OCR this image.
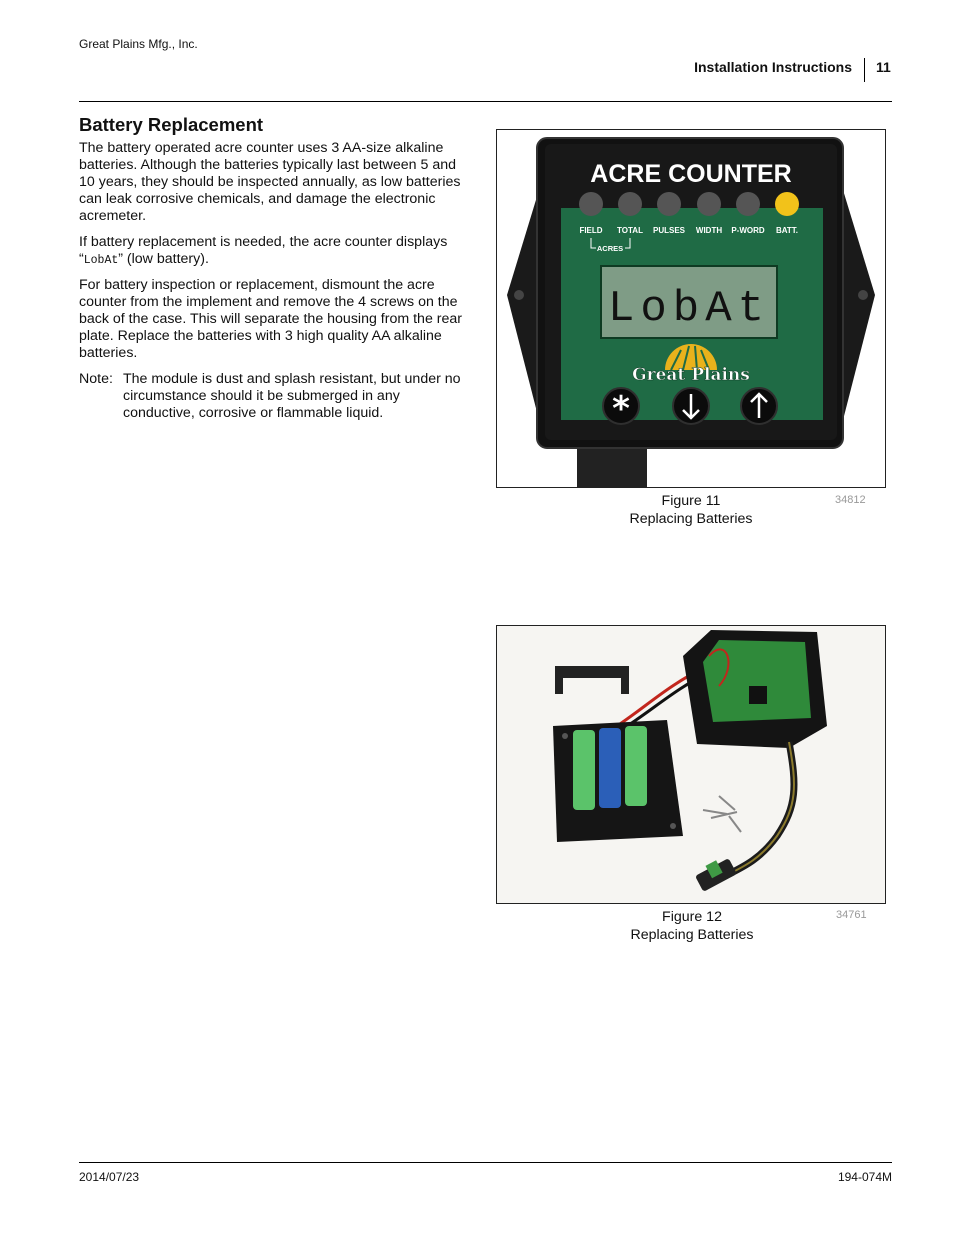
Great Plains Mfg., Inc.
Installation Instructions 11
Battery Replacement

The battery operated acre counter uses 3 AA-size alkaline batteries. Although the batteries typically last between 5 and 10 years, they should be inspected annually, as low batteries can leak corrosive chemicals, and damage the electronic acremeter.

If battery replacement is needed, the acre counter displays “LobAt” (low battery).

For battery inspection or replacement, dismount the acre counter from the implement and remove the 4 screws on the back of the case. This will separate the housing from the rear plate. Replace the batteries with 3 high quality AA alkaline batteries.

Note: The module is dust and splash resistant, but under no circumstance should it be submerged in any conductive, corrosive or flammable liquid.
ACRE COUNTER
FIELD TOTAL PULSES WIDTH P-WORD BATT.
ACRES
LobAt
Great Plains
*
Figure 11
Replacing Batteries
34812
Figure 12
Replacing Batteries
34761
2014/07/23	194-074M
